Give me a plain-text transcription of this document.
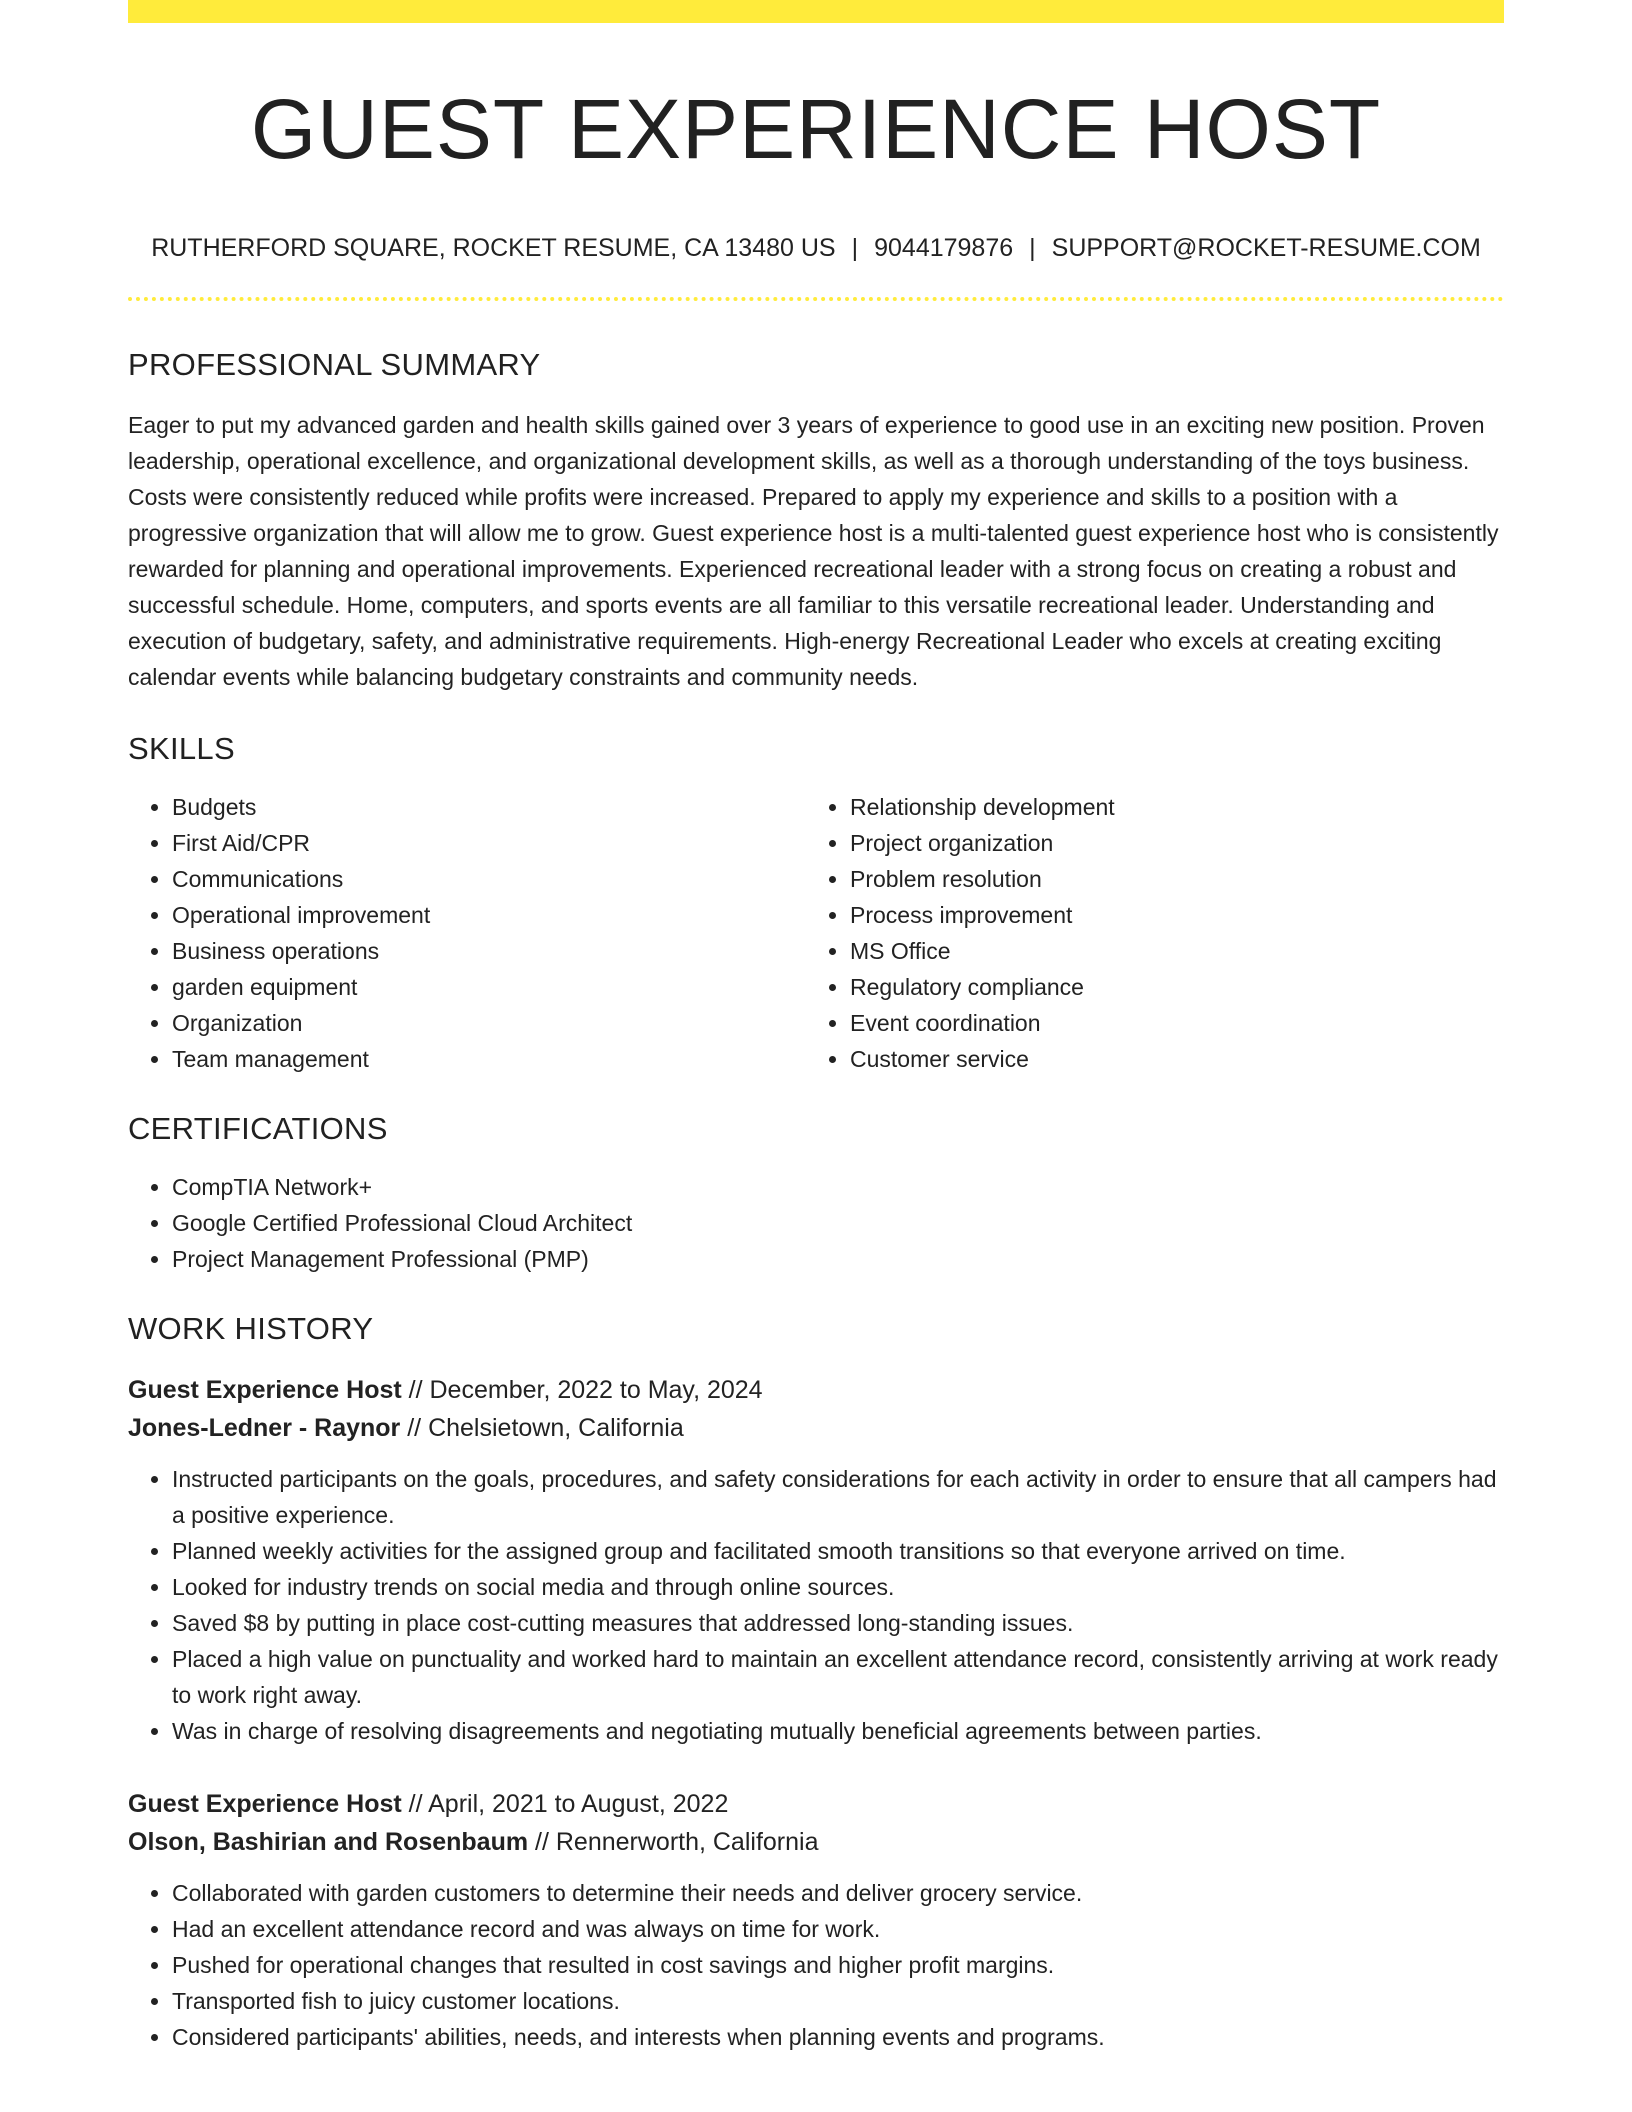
GUEST EXPERIENCE HOST
RUTHERFORD SQUARE, ROCKET RESUME, CA 13480 US | 9044179876 | SUPPORT@ROCKET-RESUME.COM
PROFESSIONAL SUMMARY
Eager to put my advanced garden and health skills gained over 3 years of experience to good use in an exciting new position. Proven leadership, operational excellence, and organizational development skills, as well as a thorough understanding of the toys business. Costs were consistently reduced while profits were increased. Prepared to apply my experience and skills to a position with a progressive organization that will allow me to grow. Guest experience host is a multi-talented guest experience host who is consistently rewarded for planning and operational improvements. Experienced recreational leader with a strong focus on creating a robust and successful schedule. Home, computers, and sports events are all familiar to this versatile recreational leader. Understanding and execution of budgetary, safety, and administrative requirements. High-energy Recreational Leader who excels at creating exciting calendar events while balancing budgetary constraints and community needs.
SKILLS
• Budgets
• First Aid/CPR
• Communications
• Operational improvement
• Business operations
• garden equipment
• Organization
• Team management
• Relationship development
• Project organization
• Problem resolution
• Process improvement
• MS Office
• Regulatory compliance
• Event coordination
• Customer service
CERTIFICATIONS
• CompTIA Network+
• Google Certified Professional Cloud Architect
• Project Management Professional (PMP)
WORK HISTORY
Guest Experience Host // December, 2022 to May, 2024
Jones-Ledner - Raynor // Chelsietown, California
• Instructed participants on the goals, procedures, and safety considerations for each activity in order to ensure that all campers had a positive experience.
• Planned weekly activities for the assigned group and facilitated smooth transitions so that everyone arrived on time.
• Looked for industry trends on social media and through online sources.
• Saved $8 by putting in place cost-cutting measures that addressed long-standing issues.
• Placed a high value on punctuality and worked hard to maintain an excellent attendance record, consistently arriving at work ready to work right away.
• Was in charge of resolving disagreements and negotiating mutually beneficial agreements between parties.
Guest Experience Host // April, 2021 to August, 2022
Olson, Bashirian and Rosenbaum // Rennerworth, California
• Collaborated with garden customers to determine their needs and deliver grocery service.
• Had an excellent attendance record and was always on time for work.
• Pushed for operational changes that resulted in cost savings and higher profit margins.
• Transported fish to juicy customer locations.
• Considered participants' abilities, needs, and interests when planning events and programs.
